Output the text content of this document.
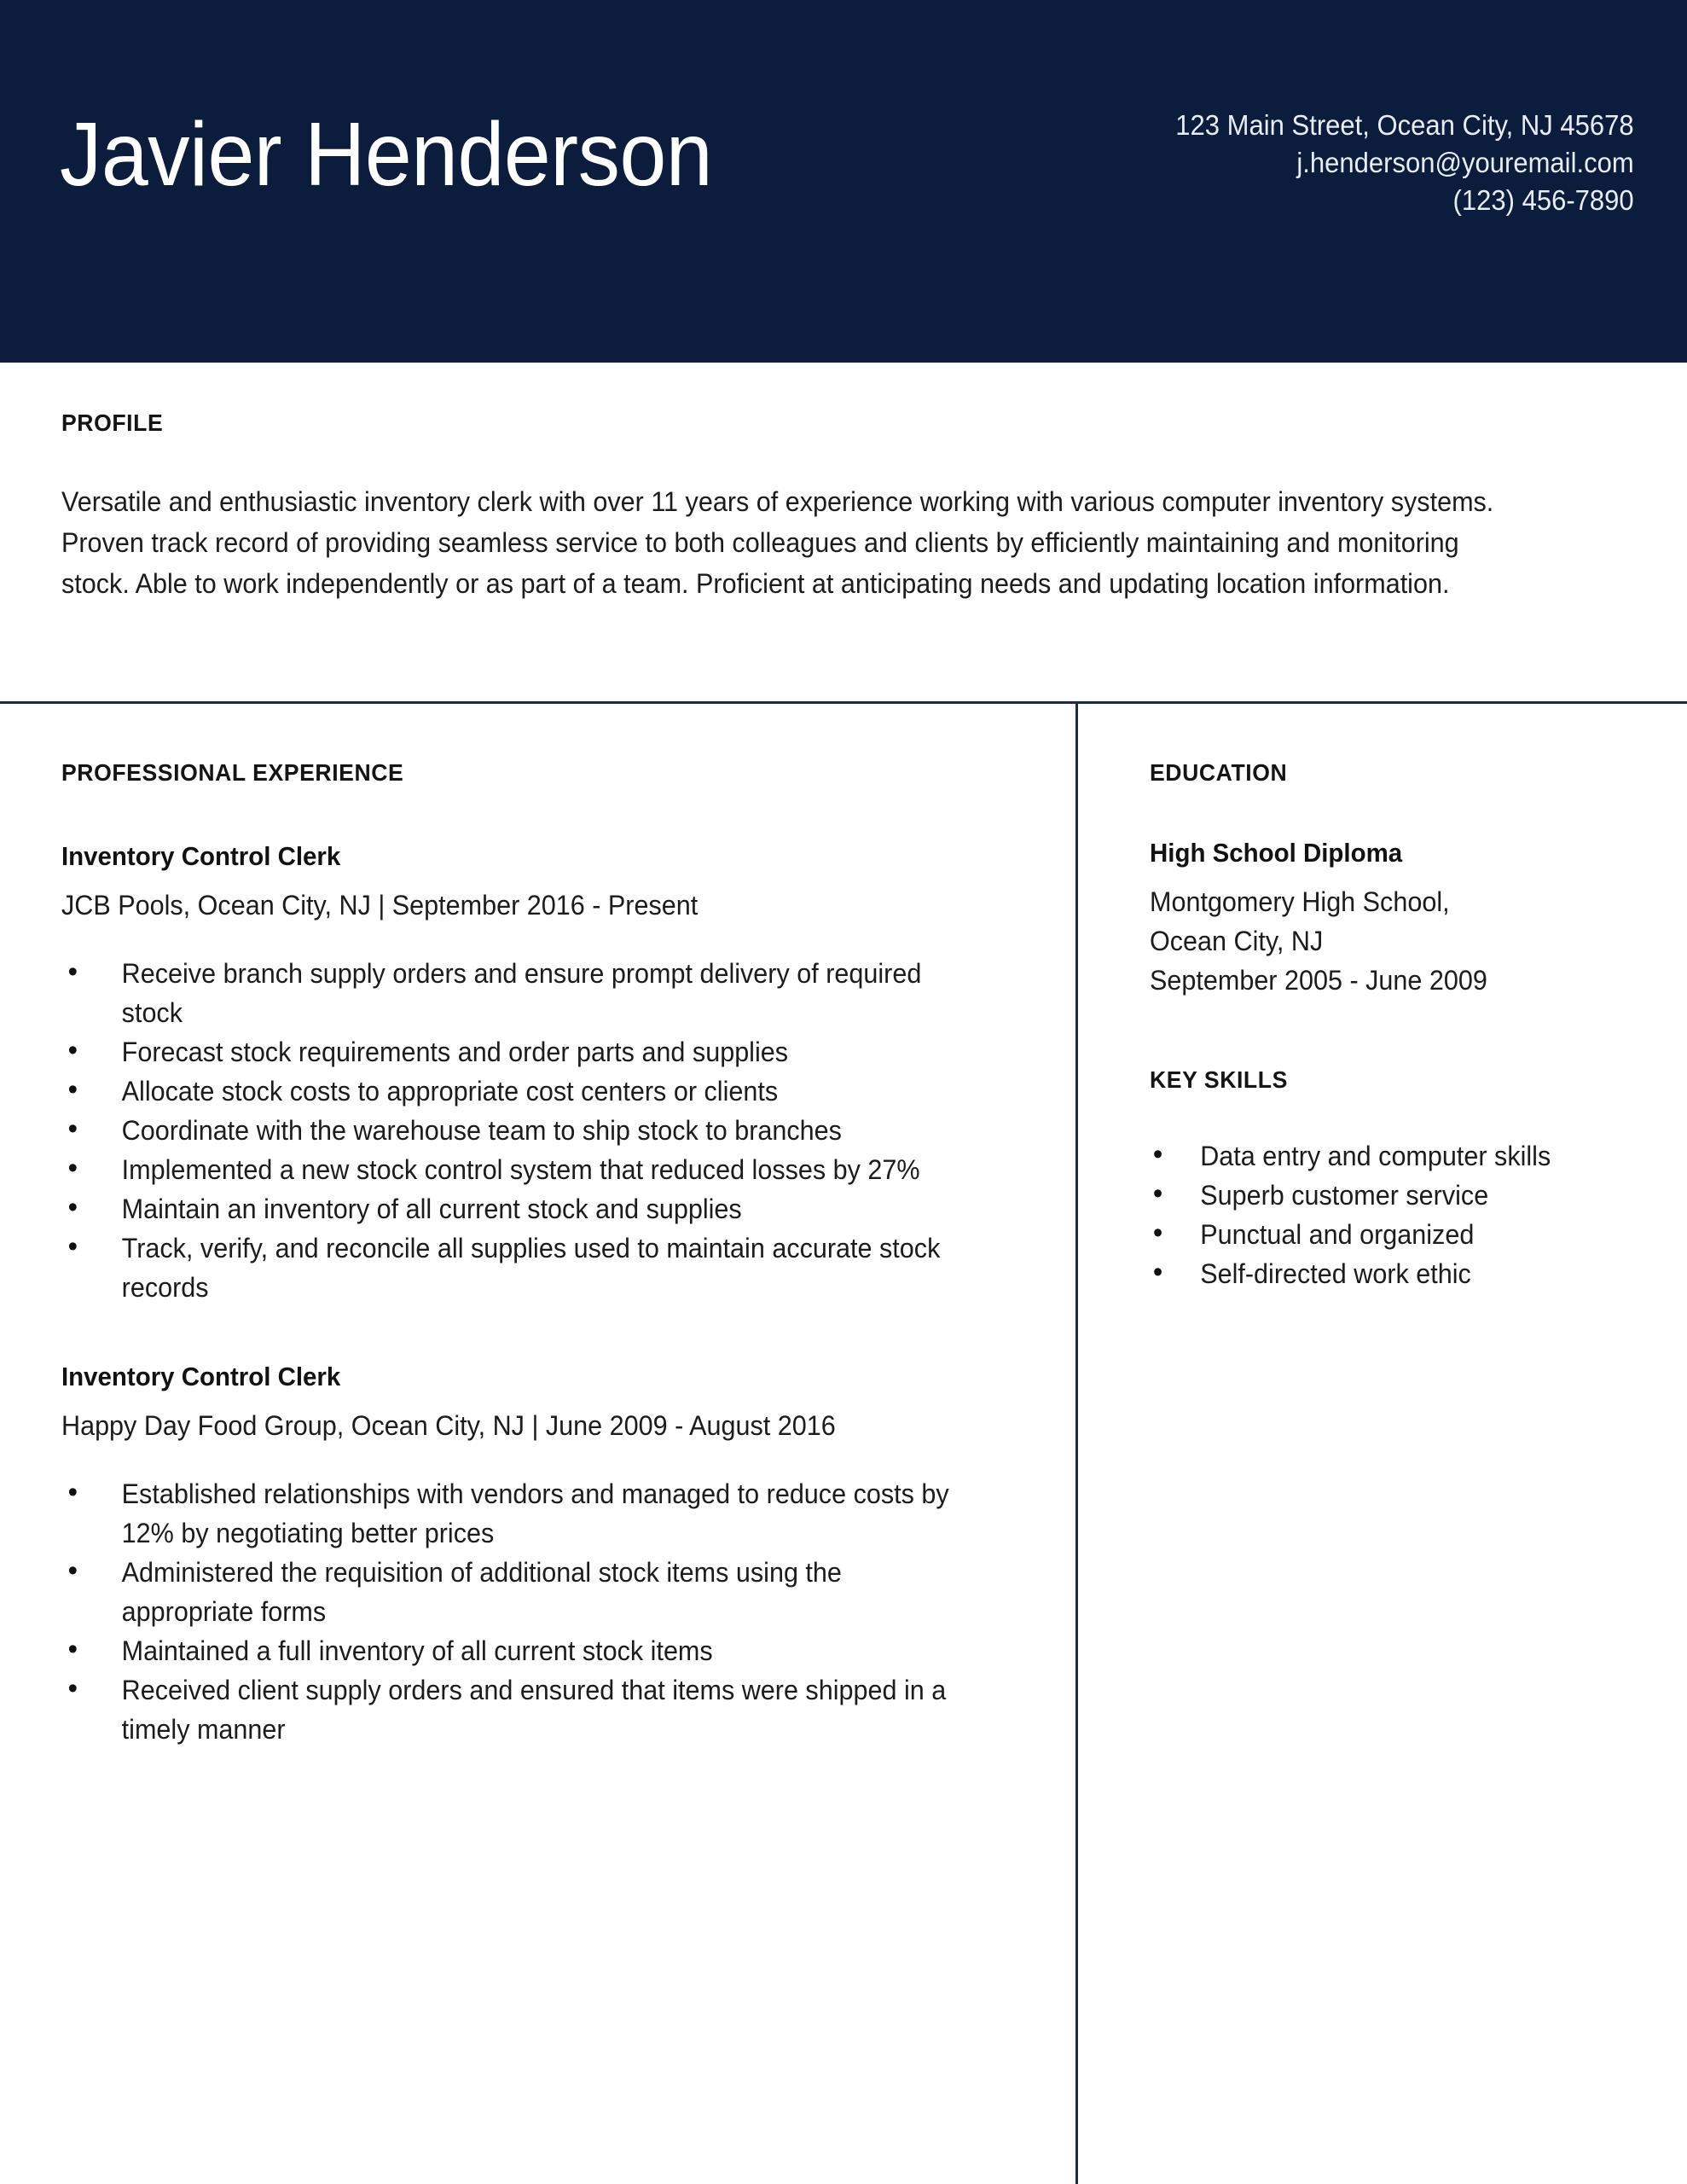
Javier Henderson	123 Main Street, Ocean City, NJ 45678
j.henderson@youremail.com
(123) 456-7890
PROFILE
Versatile and enthusiastic inventory clerk with over 11 years of experience working with various computer inventory systems. Proven track record of providing seamless service to both colleagues and clients by efficiently maintaining and monitoring stock. Able to work independently or as part of a team. Proficient at anticipating needs and updating location information.
PROFESSIONAL EXPERIENCE
Inventory Control Clerk
JCB Pools, Ocean City, NJ | September 2016 - Present
• Receive branch supply orders and ensure prompt delivery of required stock
• Forecast stock requirements and order parts and supplies
• Allocate stock costs to appropriate cost centers or clients
• Coordinate with the warehouse team to ship stock to branches
• Implemented a new stock control system that reduced losses by 27%
• Maintain an inventory of all current stock and supplies
• Track, verify, and reconcile all supplies used to maintain accurate stock records
Inventory Control Clerk
Happy Day Food Group, Ocean City, NJ | June 2009 - August 2016
• Established relationships with vendors and managed to reduce costs by 12% by negotiating better prices
• Administered the requisition of additional stock items using the appropriate forms
• Maintained a full inventory of all current stock items
• Received client supply orders and ensured that items were shipped in a timely manner
EDUCATION
High School Diploma
Montgomery High School,
Ocean City, NJ
September 2005 - June 2009
KEY SKILLS
• Data entry and computer skills
• Superb customer service
• Punctual and organized
• Self-directed work ethic
